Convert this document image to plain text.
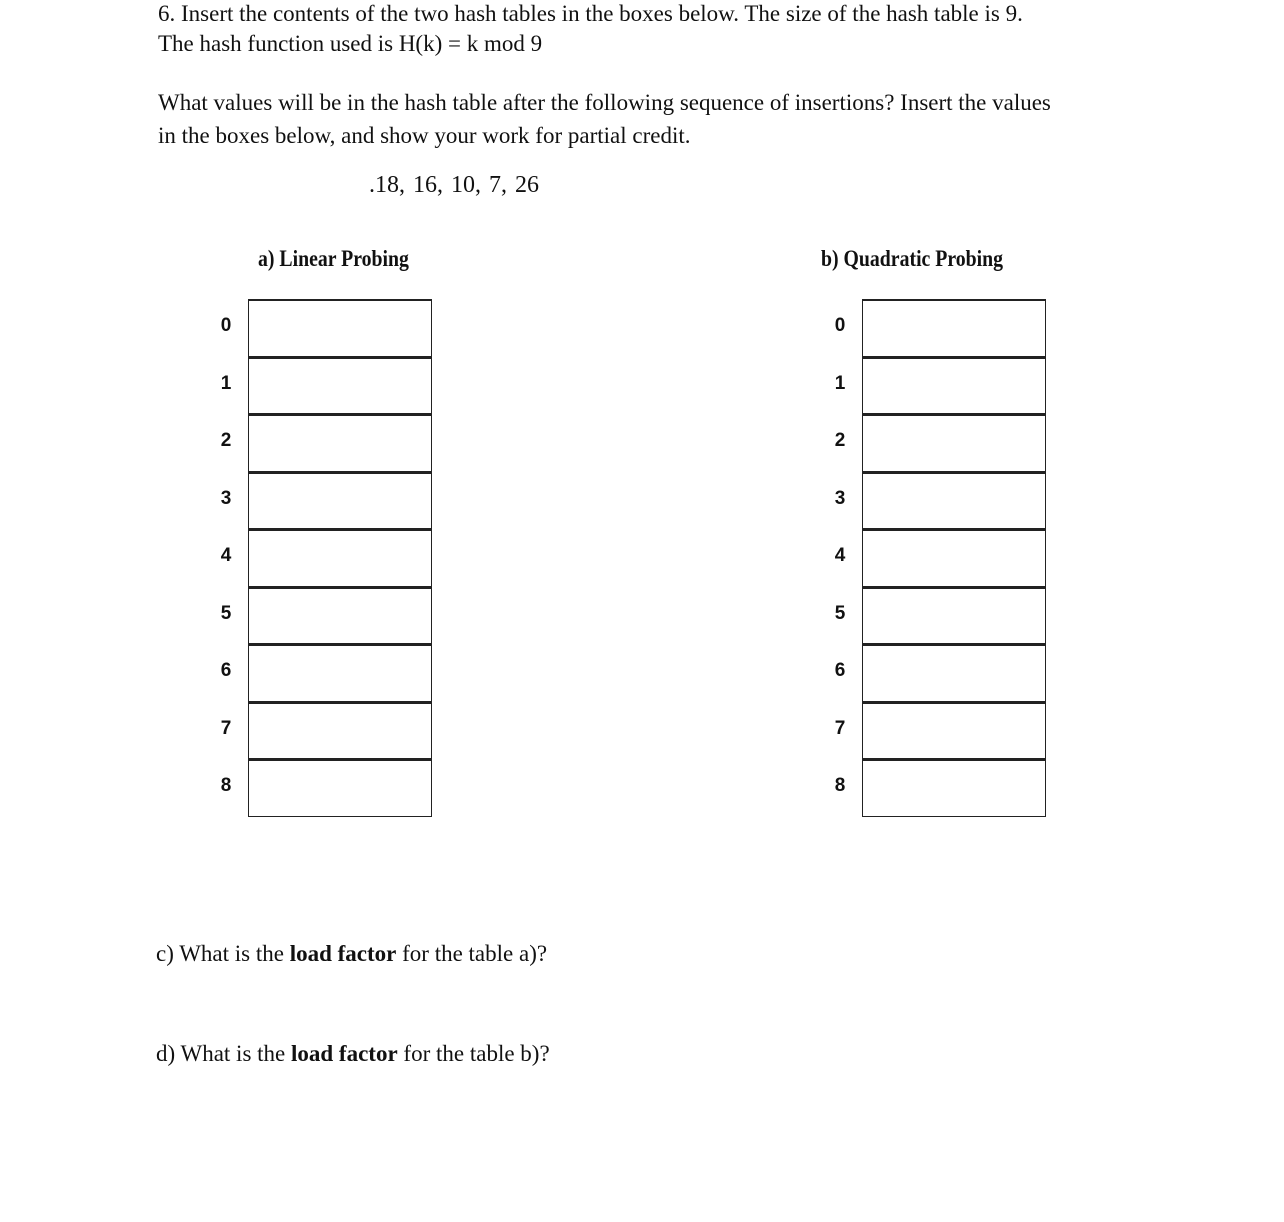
6. Insert the contents of the two hash tables in the boxes below. The size of the hash table is 9.
The hash function used is H(k) = k mod 9
What values will be in the hash table after the following sequence of insertions? Insert the values
in the boxes below, and show your work for partial credit.
.18, 16, 10, 7, 26
a) Linear Probing	b) Quadratic Probing
0
1
2
3
4
5
6
7
8
0
1
2
3
4
5
6
7
8
c) What is the load factor for the table a)?
d) What is the load factor for the table b)?
